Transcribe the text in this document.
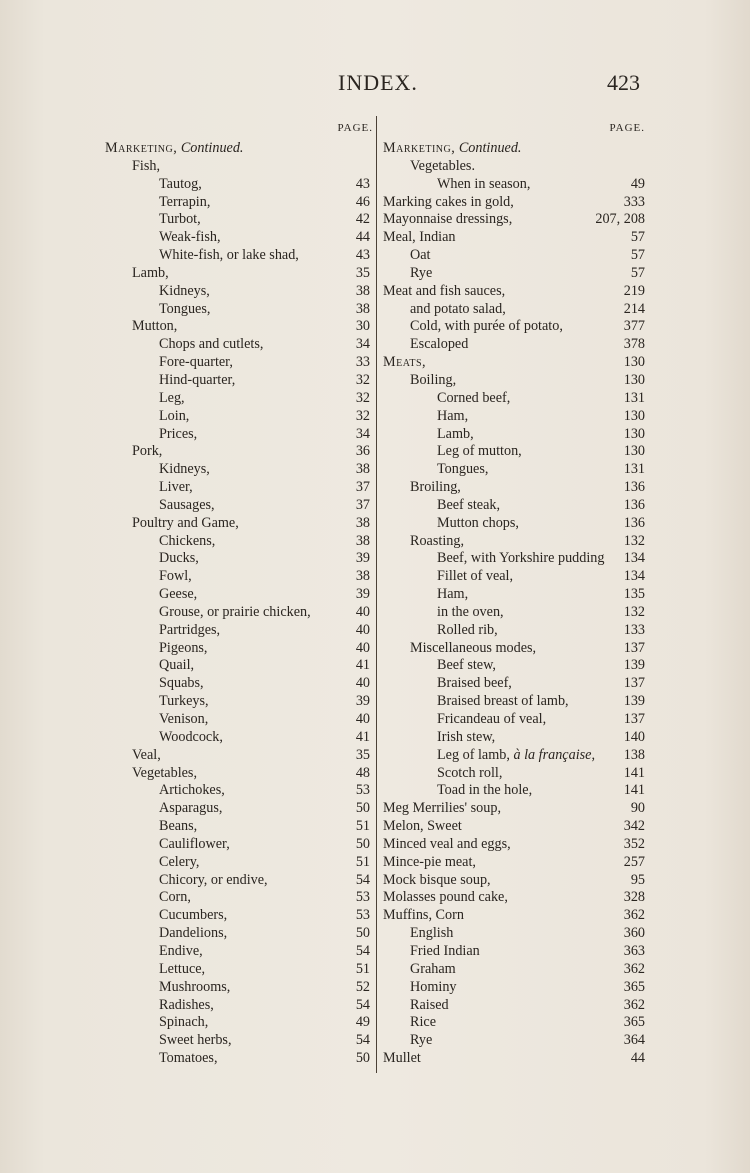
INDEX.	423
PAGE.
Marketing, Continued.
Fish,
Tautog,	43
Terrapin,	46
Turbot,	42
Weak-fish,	44
White-fish, or lake shad,	43
Lamb,	35
Kidneys,	38
Tongues,	38
Mutton,	30
Chops and cutlets,	34
Fore-quarter,	33
Hind-quarter,	32
Leg,	32
Loin,	32
Prices,	34
Pork,	36
Kidneys,	38
Liver,	37
Sausages,	37
Poultry and Game,	38
Chickens,	38
Ducks,	39
Fowl,	38
Geese,	39
Grouse, or prairie chicken,	40
Partridges,	40
Pigeons,	40
Quail,	41
Squabs,	40
Turkeys,	39
Venison,	40
Woodcock,	41
Veal,	35
Vegetables,	48
Artichokes,	53
Asparagus,	50
Beans,	51
Cauliflower,	50
Celery,	51
Chicory, or endive,	54
Corn,	53
Cucumbers,	53
Dandelions,	50
Endive,	54
Lettuce,	51
Mushrooms,	52
Radishes,	54
Spinach,	49
Sweet herbs,	54
Tomatoes,	50
PAGE.
Marketing, Continued.
Vegetables.
When in season,	49
Marking cakes in gold,	333
Mayonnaise dressings,	207, 208
Meal, Indian	57
Oat	57
Rye	57
Meat and fish sauces,	219
and potato salad,	214
Cold, with purée of potato,	377
Escaloped	378
Meats,	130
Boiling,	130
Corned beef,	131
Ham,	130
Lamb,	130
Leg of mutton,	130
Tongues,	131
Broiling,	136
Beef steak,	136
Mutton chops,	136
Roasting,	132
Beef, with Yorkshire pudding	134
Fillet of veal,	134
Ham,	135
in the oven,	132
Rolled rib,	133
Miscellaneous modes,	137
Beef stew,	139
Braised beef,	137
Braised breast of lamb,	139
Fricandeau of veal,	137
Irish stew,	140
Leg of lamb, à la française,	138
Scotch roll,	141
Toad in the hole,	141
Meg Merrilies' soup,	90
Melon, Sweet	342
Minced veal and eggs,	352
Mince-pie meat,	257
Mock bisque soup,	95
Molasses pound cake,	328
Muffins, Corn	362
English	360
Fried Indian	363
Graham	362
Hominy	365
Raised	362
Rice	365
Rye	364
Mullet	44
